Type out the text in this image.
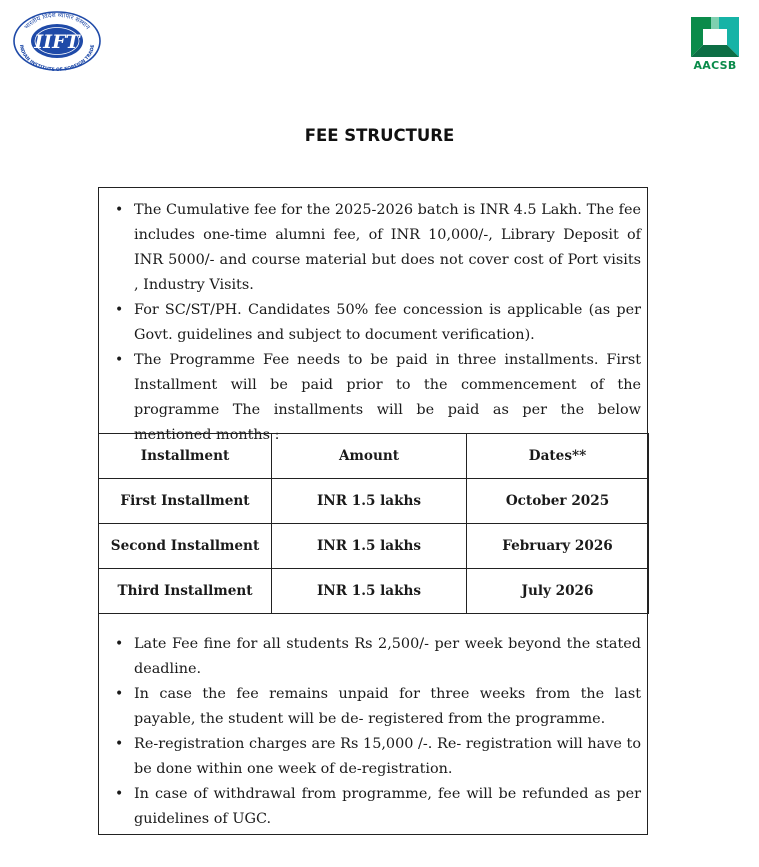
IIFT
भारतीय विदेश व्यापार संस्थान
INDIAN INSTITUTE OF FOREIGN TRADE
AACSB
FEE STRUCTURE
• The Cumulative fee for the 2025-2026 batch is INR 4.5 Lakh. The fee includes one-time alumni fee, of INR 10,000/-, Library Deposit of INR 5000/- and course material but does not cover cost of Port visits , Industry Visits.
• For SC/ST/PH. Candidates 50% fee concession is applicable (as per Govt. guidelines and subject to document verification).
• The Programme Fee needs to be paid in three installments. First Installment will be paid prior to the commencement of the programme The installments will be paid as per the below mentioned months :
Installment	Amount	Dates**
First Installment	INR 1.5 lakhs	October 2025
Second Installment	INR 1.5 lakhs	February 2026
Third Installment	INR 1.5 lakhs	July 2026
• Late Fee fine for all students Rs 2,500/- per week beyond the stated deadline.
• In case the fee remains unpaid for three weeks from the last payable, the student will be de- registered from the programme.
• Re-registration charges are Rs 15,000 /-. Re- registration will have to be done within one week of de-registration.
• In case of withdrawal from programme, fee will be refunded as per guidelines of UGC.
